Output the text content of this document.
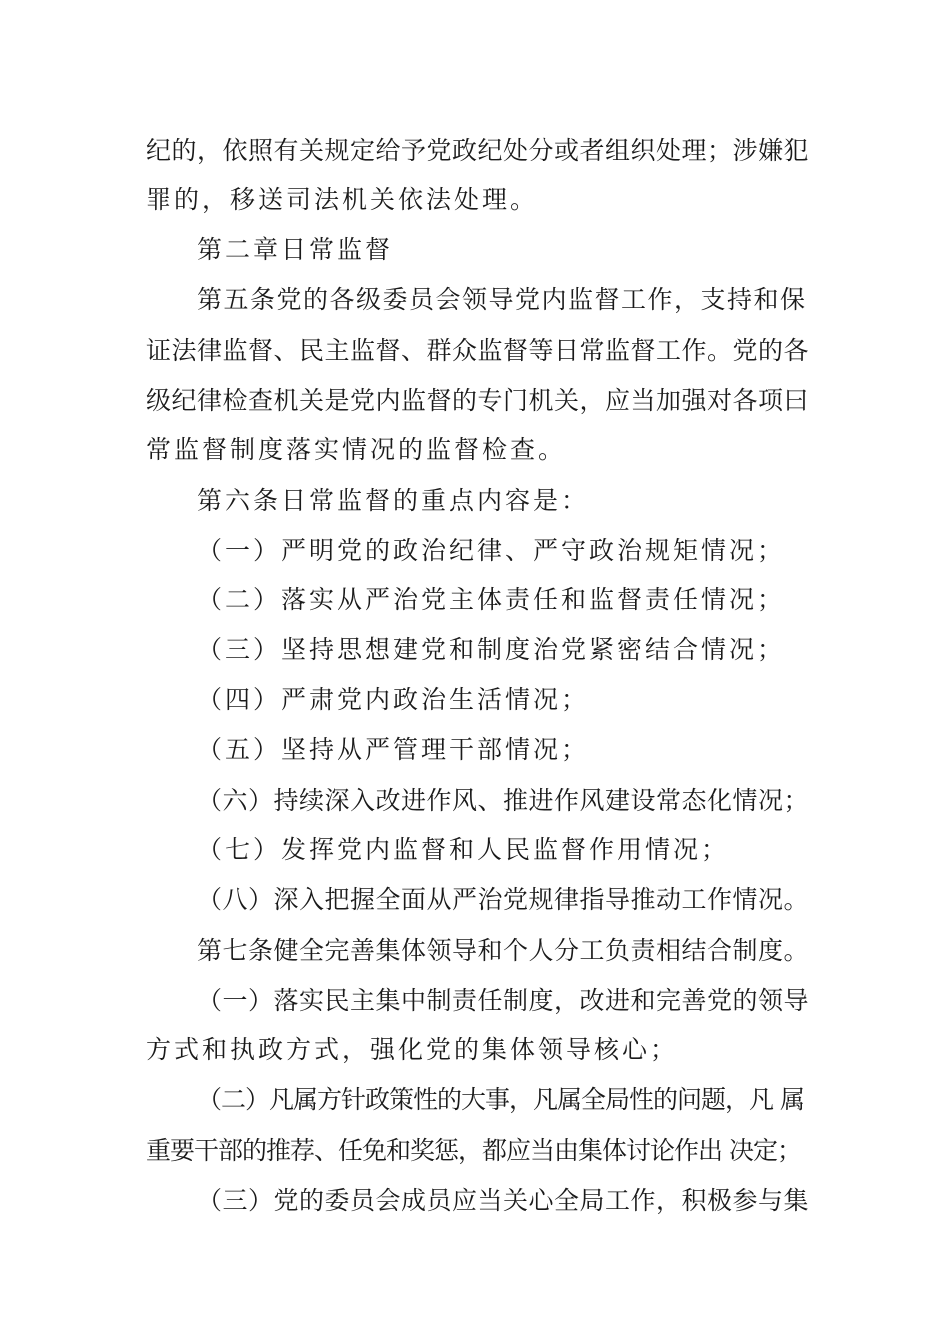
纪的，依照有关规定给予党政纪处分或者组织处理；涉嫌犯
罪的，移送司法机关依法处理。
第二章日常监督
第五条党的各级委员会领导党内监督工作，支持和保
证法律监督、民主监督、群众监督等日常监督工作。党的各
级纪律检查机关是党内监督的专门机关，应当加强对各项曰
常监督制度落实情况的监督检查。
第六条日常监督的重点内容是：
（一）严明党的政治纪律、严守政治规矩情况；
（二）落实从严治党主体责任和监督责任情况；
（三）坚持思想建党和制度治党紧密结合情况；
（四）严肃党内政治生活情况；
（五）坚持从严管理干部情况；
（六）持续深入改进作风、推进作风建设常态化情况；
（七）发挥党内监督和人民监督作用情况；
（八）深入把握全面从严治党规律指导推动工作情况。
第七条健全完善集体领导和个人分工负责相结合制度。
（一）落实民主集中制责任制度，改进和完善党的领导
方式和执政方式，强化党的集体领导核心；
（二）凡属方针政策性的大事，凡属全局性的问题，凡 属
重要干部的推荐、任免和奖惩，都应当由集体讨论作出 决定；
（三）党的委员会成员应当关心全局工作，积极参与集
